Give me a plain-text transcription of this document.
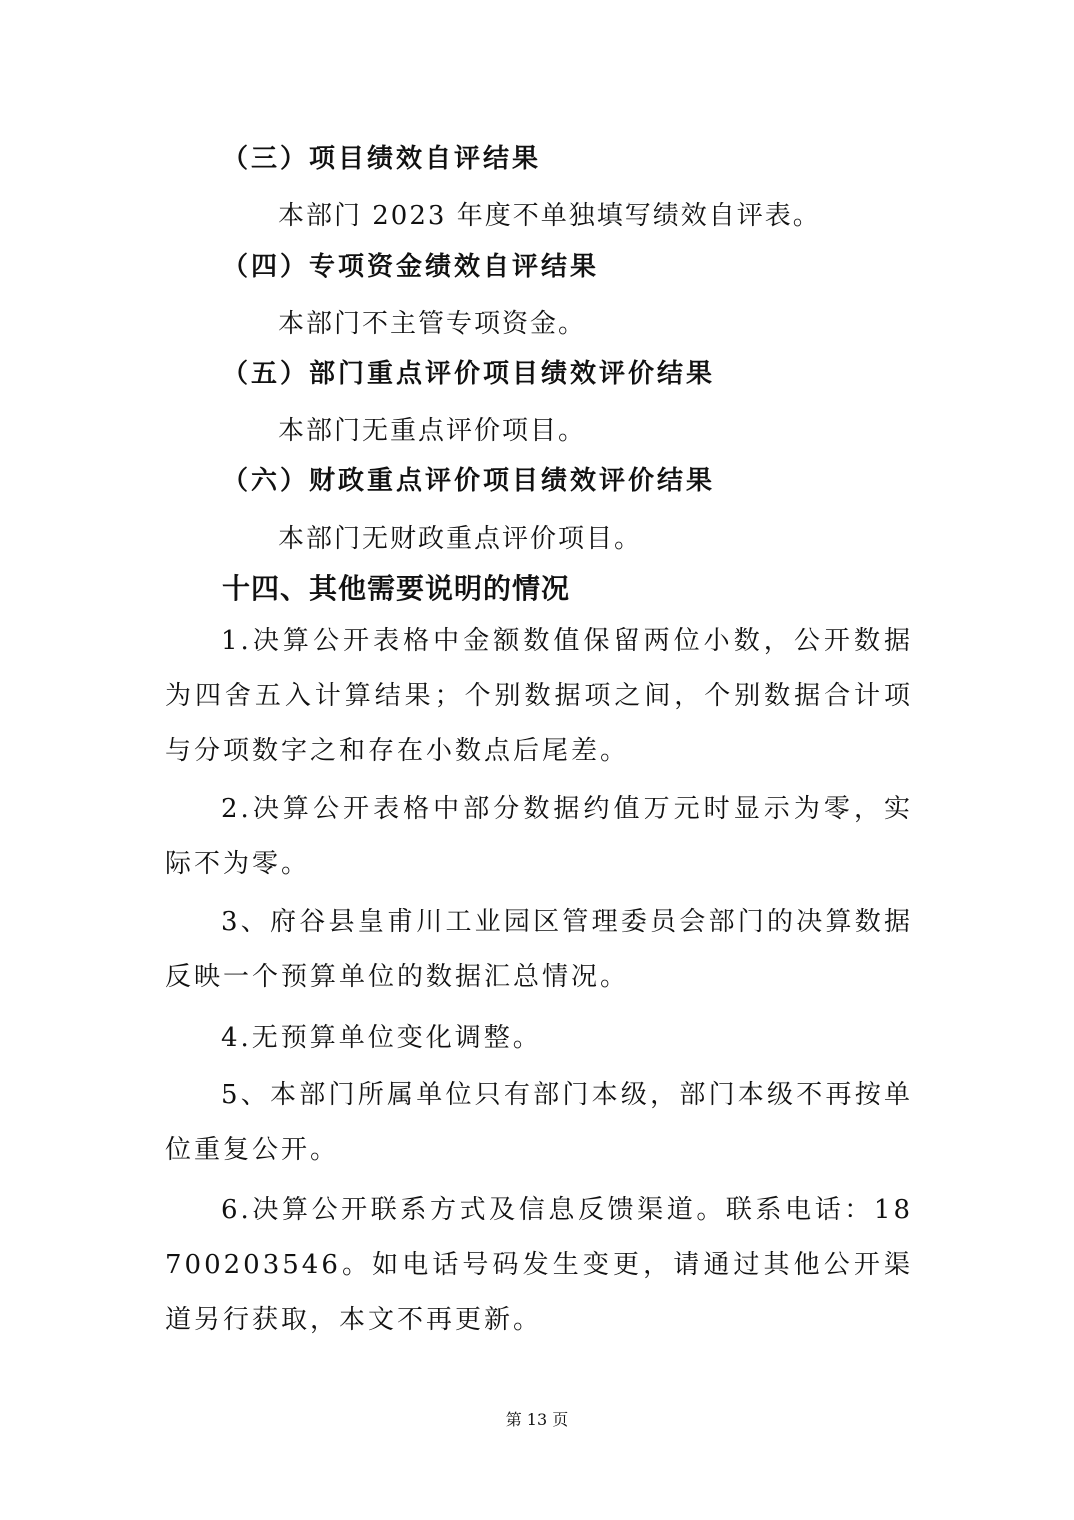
（三）项目绩效自评结果
本部门 2023 年度不单独填写绩效自评表。
（四）专项资金绩效自评结果
本部门不主管专项资金。
（五）部门重点评价项目绩效评价结果
本部门无重点评价项目。
（六）财政重点评价项目绩效评价结果
本部门无财政重点评价项目。
十四、其他需要说明的情况
1.决算公开表格中金额数值保留两位小数，公开数据为四舍五入计算结果；个别数据项之间，个别数据合计项与分项数字之和存在小数点后尾差。
2.决算公开表格中部分数据约值万元时显示为零，实际不为零。
3、府谷县皇甫川工业园区管理委员会部门的决算数据反映一个预算单位的数据汇总情况。
4.无预算单位变化调整。
5、本部门所属单位只有部门本级，部门本级不再按单位重复公开。
6.决算公开联系方式及信息反馈渠道。联系电话：18700203546。如电话号码发生变更，请通过其他公开渠道另行获取，本文不再更新。
第 13 页
